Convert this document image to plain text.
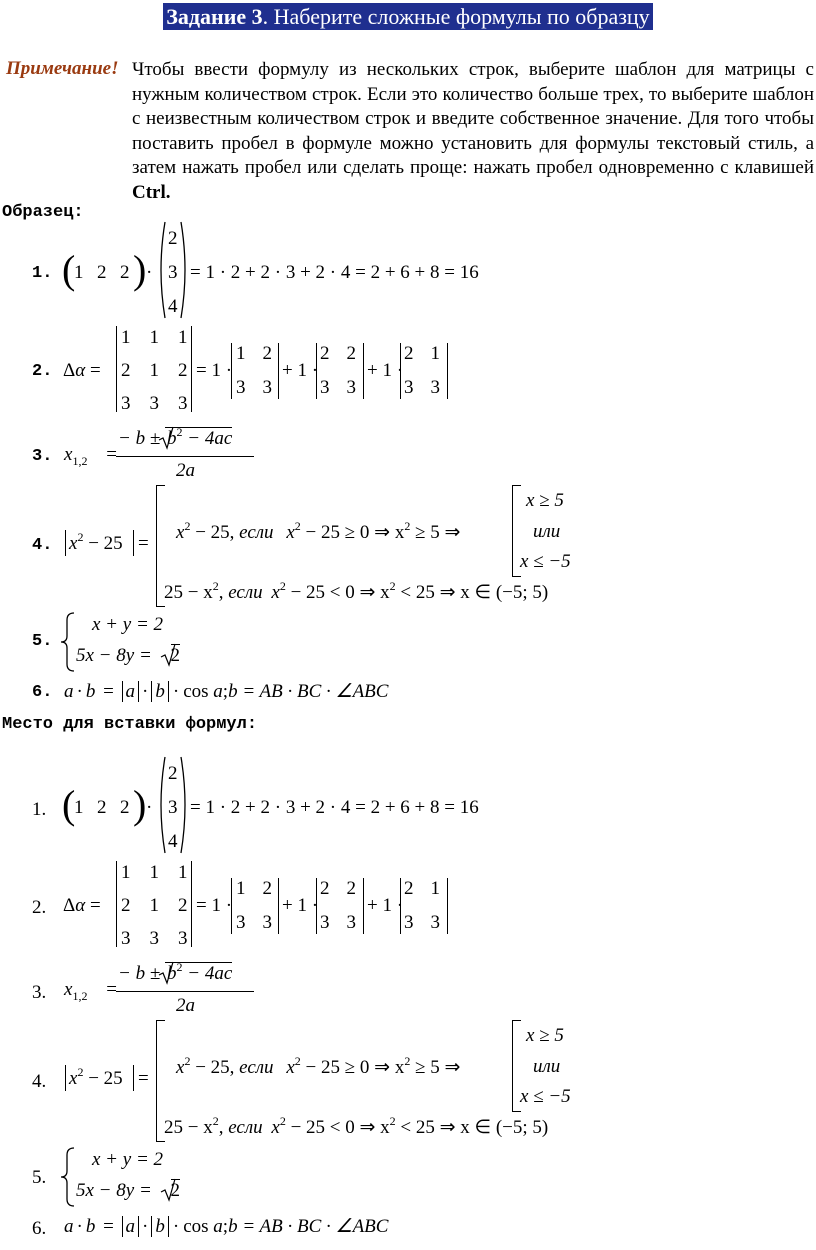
Задание 3. Наберите сложные формулы по образцу
Примечание! Чтобы ввести формулу из нескольких строк, выберите шаблон для матрицы с нужным количеством строк. Если это количество больше трех, то выберите шаблон с неизвестным количеством строк и введите собственное значение. Для того чтобы поставить пробел в формуле можно установить для формулы текстовый стиль, а затем нажать пробел или сделать проще: нажать пробел одновременно с клавишей Ctrl.
Образец:
1. (
1 2 2 ) ·
2
3
4
= 1 · 2 + 2 · 3 + 2 · 4 = 2 + 6 + 8 = 16
2. Δα =
1 1 1
2 1 2
3 3 3
= 1 ·
1 2
3 3
+ 1 ·
2 2
3 3
+ 1 ·
2 1
3 3
3. $x_{1,2}$ =
− $b \pm b^2 - 4ac$
2a
4. $x^2 - 25$ =
$x^2 - 25$, если $x^2 - 25 \ge 0$ ⇒ $x^2 \ge 5$ ⇒
$25 - x^2$, если $x^2 - 25 < 0$ ⇒ $x^2 < 25$ ⇒ x ∈ (−5; 5)
x ≥ 5
или
x ≤ −5
5.
x + y = 2
5x − 8y = 2
6. a · b = a · b · cos a;b = AB · BC · ∠ABC
Место для вставки формул:
1. (
1 2 2 ) ·
2
3
4
= 1 · 2 + 2 · 3 + 2 · 4 = 2 + 6 + 8 = 16
2. Δα =
1 1 1
2 1 2
3 3 3
= 1 ·
1 2
3 3
+ 1 ·
2 2
3 3
+ 1 ·
2 1
3 3
3. $x_{1,2}$ =
− $b \pm b^2 - 4ac$
2a
4. $x^2 - 25$ =
$x^2 - 25$, если $x^2 - 25 \ge 0$ ⇒ $x^2 \ge 5$ ⇒
$25 - x^2$, если $x^2 - 25 < 0$ ⇒ $x^2 < 25$ ⇒ x ∈ (−5; 5)
x ≥ 5
или
x ≤ −5
5.
x + y = 2
5x − 8y = 2
6. a · b = a · b · cos a;b = AB · BC · ∠ABC
